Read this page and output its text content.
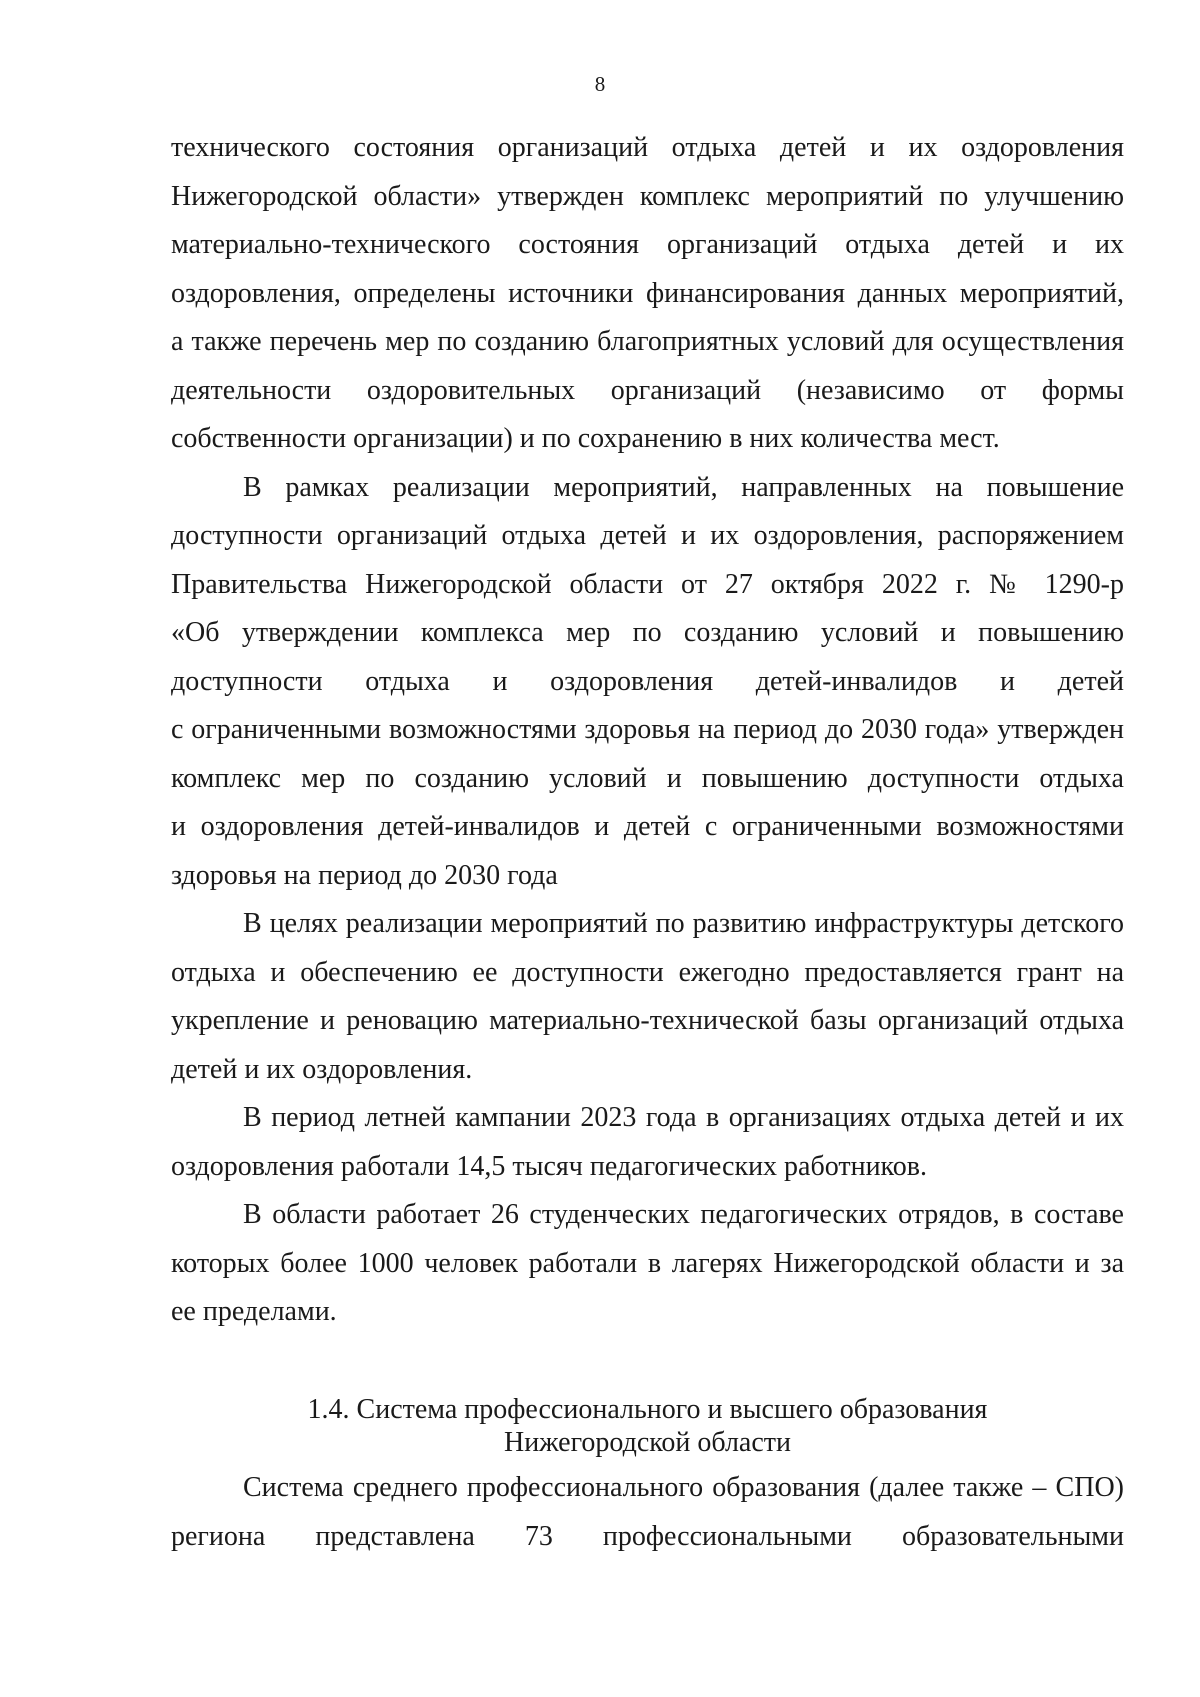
8

технического состояния организаций отдыха детей и их оздоровления
Нижегородской области» утвержден комплекс мероприятий по улучшению
материально-технического состояния организаций отдыха детей и их
оздоровления, определены источники финансирования данных мероприятий,
а также перечень мер по созданию благоприятных условий для осуществления
деятельности оздоровительных организаций (независимо от формы
собственности организации) и по сохранению в них количества мест.

В рамках реализации мероприятий, направленных на повышение
доступности организаций отдыха детей и их оздоровления, распоряжением
Правительства Нижегородской области от 27 октября 2022 г. № 1290-р
«Об утверждении комплекса мер по созданию условий и повышению
доступности отдыха и оздоровления детей-инвалидов и детей
с ограниченными возможностями здоровья на период до 2030 года» утвержден
комплекс мер по созданию условий и повышению доступности отдыха
и оздоровления детей-инвалидов и детей с ограниченными возможностями
здоровья на период до 2030 года

В целях реализации мероприятий по развитию инфраструктуры детского
отдыха и обеспечению ее доступности ежегодно предоставляется грант на
укрепление и реновацию материально-технической базы организаций отдыха
детей и их оздоровления.

В период летней кампании 2023 года в организациях отдыха детей и их
оздоровления работали 14,5 тысяч педагогических работников.

В области работает 26 студенческих педагогических отрядов, в составе
которых более 1000 человек работали в лагерях Нижегородской области и за
ее пределами.

1.4. Система профессионального и высшего образования
Нижегородской области

Система среднего профессионального образования (далее также – СПО)
региона представлена 73 профессиональными образовательными
